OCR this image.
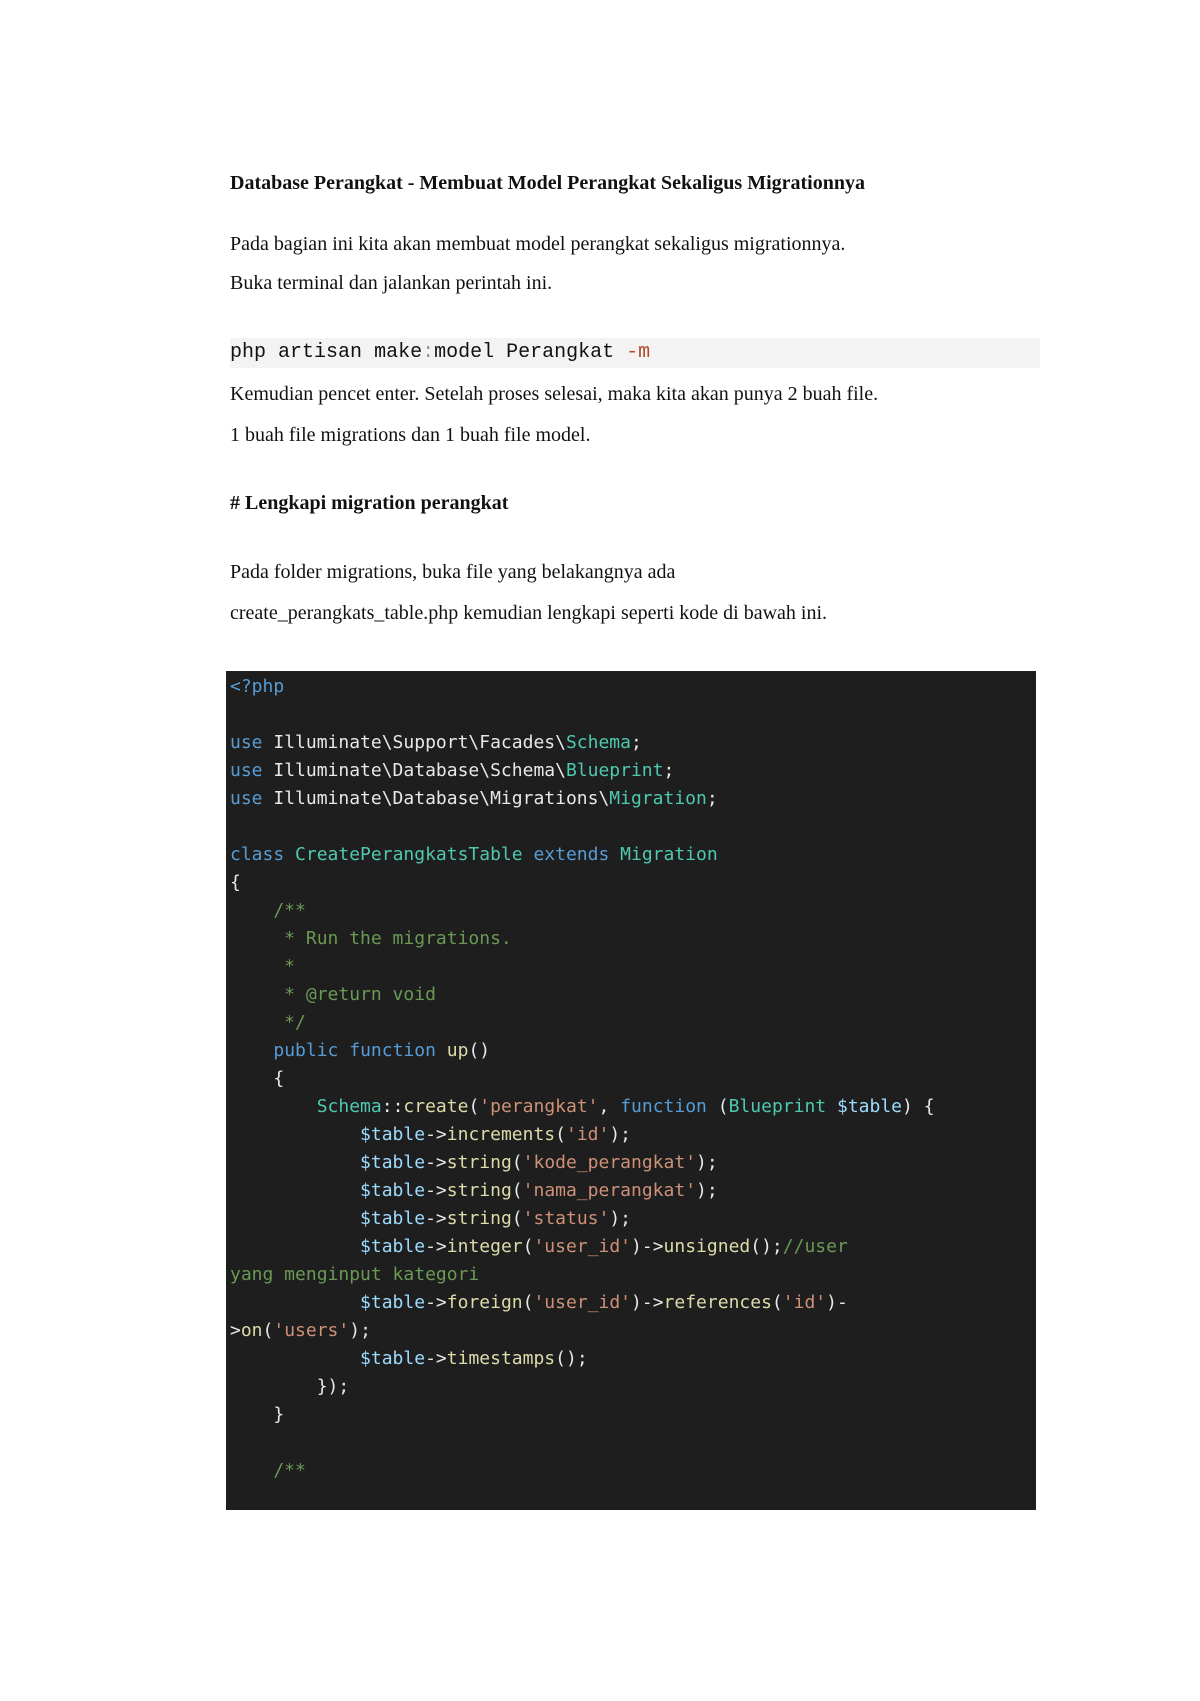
Database Perangkat - Membuat Model Perangkat Sekaligus Migrationnya
Pada bagian ini kita akan membuat model perangkat sekaligus migrationnya.
Buka terminal dan jalankan perintah ini.
php artisan make:model Perangkat -m
Kemudian pencet enter. Setelah proses selesai, maka kita akan punya 2 buah file.
1 buah file migrations dan 1 buah file model.
# Lengkapi migration perangkat
Pada folder migrations, buka file yang belakangnya ada
create_perangkats_table.php kemudian lengkapi seperti kode di bawah ini.
<?php
use Illuminate\Support\Facades\Schema;
use Illuminate\Database\Schema\Blueprint;
use Illuminate\Database\Migrations\Migration;
class CreatePerangkatsTable extends Migration
{
/**
* Run the migrations.
*
* @return void
*/
public function up()
{
Schema::create('perangkat', function (Blueprint $table) {
$table->increments('id');
$table->string('kode_perangkat');
$table->string('nama_perangkat');
$table->string('status');
$table->integer('user_id')->unsigned();//user
yang menginput kategori
$table->foreign('user_id')->references('id')-
>on('users');
$table->timestamps();
});
}
/**
